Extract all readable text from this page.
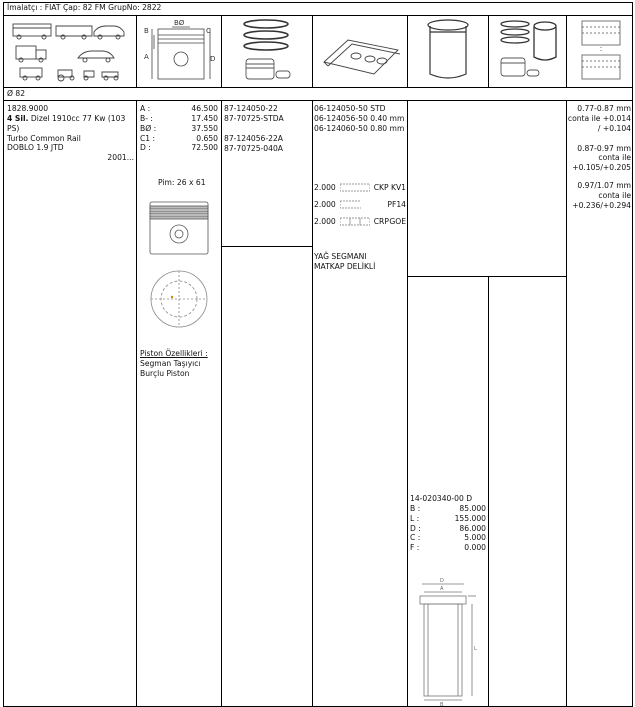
İmalatçı : FIAT Çap: 82 FM GrupNo: 2822
B
BØ
C
A	D
Ø 82
1828.9000
4 Sil. Dizel 1910cc 77 Kw (103 PS)
Turbo Common Rail
DOBLO 1.9 JTD
2001...
A :	46.500
B- :	17.450
BØ :	37.550
C1 :	0.650
D :	72.500
Pim: 26 x 61
Piston Özellikleri :
Segman Taşıyıcı
Burçlu Piston
87-124050-22
87-70725-STDA
87-124056-22A
87-70725-040A
06-124050-50 STD
06-124056-50 0.40 mm
06-124060-50 0.80 mm
2.000	CKP KV1
2.000	P F14
2.000	CRP GOE
YAĞ SEGMANI
MATKAP DELİKLİ
14-020340-00 D
B :	85.000
L :	155.000
D :	86.000
C :	5.000
F :	0.000
D
A
B
L
0.77-0.87 mm
conta ile +0.014
/ +0.104
0.87-0.97 mm
conta ile
+0.105/+0.205
0.97/1.07 mm
conta ile
+0.236/+0.294
